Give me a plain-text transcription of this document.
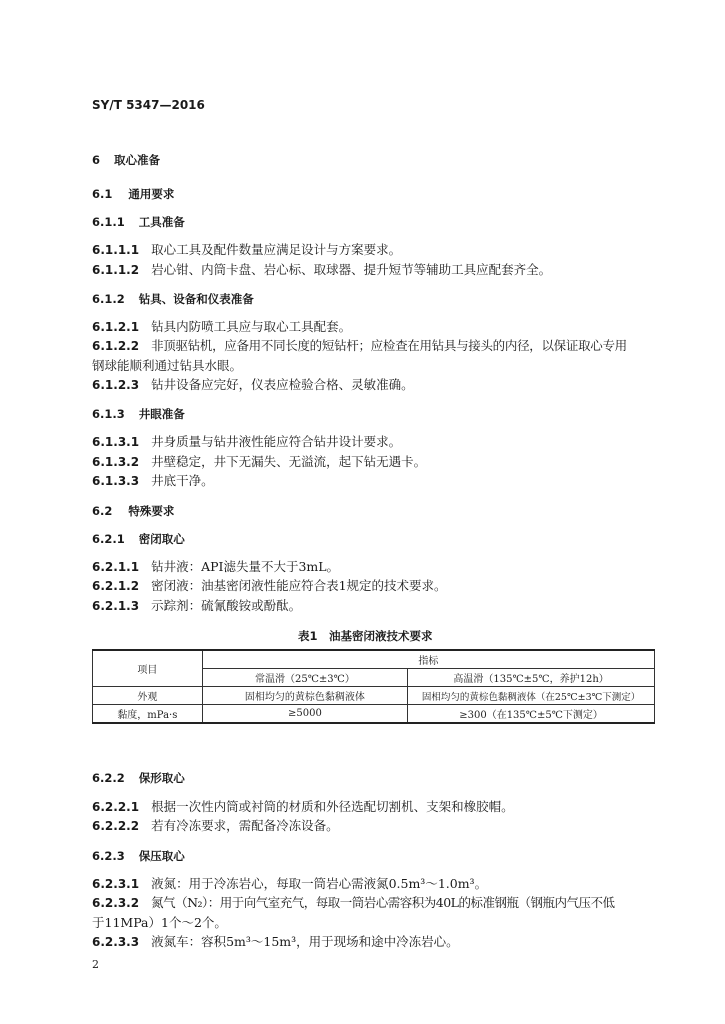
SY/T 5347—2016
6 取心准备
6.1 通用要求
6.1.1 工具准备
6.1.1.1 取心工具及配件数量应满足设计与方案要求。
6.1.1.2 岩心钳、内筒卡盘、岩心标、取球器、提升短节等辅助工具应配套齐全。
6.1.2 钻具、设备和仪表准备
6.1.2.1 钻具内防喷工具应与取心工具配套。
6.1.2.2 非顶驱钻机，应备用不同长度的短钻杆；应检查在用钻具与接头的内径，以保证取心专用
钢球能顺利通过钻具水眼。
6.1.2.3 钻井设备应完好，仪表应检验合格、灵敏准确。
6.1.3 井眼准备
6.1.3.1 井身质量与钻井液性能应符合钻井设计要求。
6.1.3.2 井壁稳定，井下无漏失、无溢流，起下钻无遇卡。
6.1.3.3 井底干净。
6.2 特殊要求
6.2.1 密闭取心
6.2.1.1 钻井液：API滤失量不大于3mL。
6.2.1.2 密闭液：油基密闭液性能应符合表1规定的技术要求。
6.2.1.3 示踪剂：硫氰酸铵或酚酞。
表1　油基密闭液技术要求
项目	指标	
	常温滑（25℃±3℃）	高温滑（135℃±5℃，养护12h）
外观	固相均匀的黄棕色黏稠液体	固相均匀的黄棕色黏稠液体（在25℃±3℃下测定）
黏度，mPa·s	≥5000	≥300（在135℃±5℃下测定）
6.2.2 保形取心
6.2.2.1 根据一次性内筒或衬筒的材质和外径选配切割机、支架和橡胶帽。
6.2.2.2 若有冷冻要求，需配备冷冻设备。
6.2.3 保压取心
6.2.3.1 液氮：用于冷冻岩心，每取一筒岩心需液氮0.5m³～1.0m³。
6.2.3.2 氮气（N₂）：用于向气室充气，每取一筒岩心需容积为40L的标准钢瓶（钢瓶内气压不低
于11MPa）1个～2个。
6.2.3.3 液氮车：容积5m³～15m³，用于现场和途中冷冻岩心。
2
